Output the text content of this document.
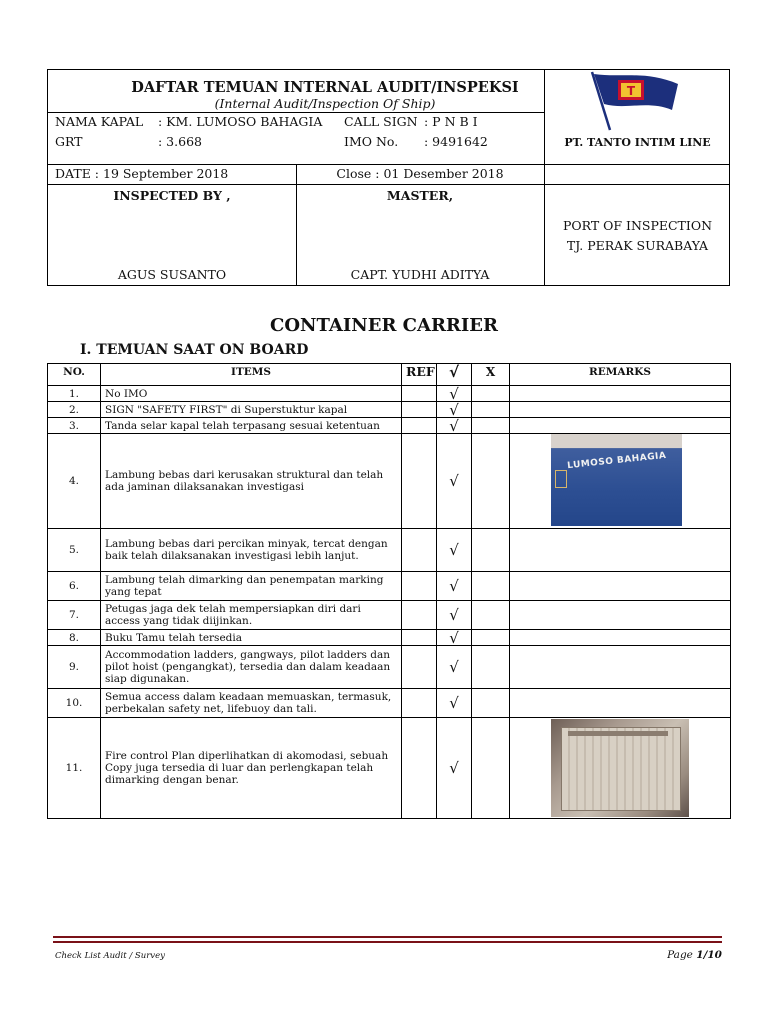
DAFTAR TEMUAN INTERNAL AUDIT/INSPEKSI
(Internal Audit/Inspection Of Ship)
NAMA KAPAL : KM. LUMOSO BAHAGIA CALL SIGN : P N B I
GRT	: 3.668	IMO No. : 9491642
T
PT. TANTO INTIM LINE
DATE : 19 September 2018	Close : 01 Desember 2018
INSPECTED BY ,	MASTER,
AGUS SUSANTO	CAPT. YUDHI ADITYA
PORT OF INSPECTION
TJ. PERAK SURABAYA
CONTAINER CARRIER
I. TEMUAN SAAT ON BOARD
NO.	ITEMS	REF	√	X	REMARKS
1.	No IMO		√		
2.	SIGN "SAFETY FIRST" di Superstuktur kapal		√		
3.	Tanda selar kapal telah terpasang sesuai ketentuan		√		
4.	Lambung bebas dari kerusakan struktural dan telah ada jaminan dilaksanakan investigasi		√		
5.	Lambung bebas dari percikan minyak, tercat dengan baik telah dilaksanakan investigasi lebih lanjut.		√		
6.	Lambung telah dimarking dan penempatan marking yang tepat		√		
7.	Petugas jaga dek telah mempersiapkan diri dari access yang tidak diijinkan.		√		
8.	Buku Tamu telah tersedia		√		
9.	Accommodation ladders, gangways, pilot ladders dan pilot hoist (pengangkat), tersedia dan dalam keadaan siap digunakan.		√		
10.	Semua access dalam keadaan memuaskan, termasuk, perbekalan safety net, lifebuoy dan tali.		√		
11.	Fire control Plan diperlihatkan di akomodasi, sebuah Copy juga tersedia di luar dan perlengkapan telah dimarking dengan benar.		√		
LUMOSO BAHAGIA
Check List Audit / Survey	Page 1/10
